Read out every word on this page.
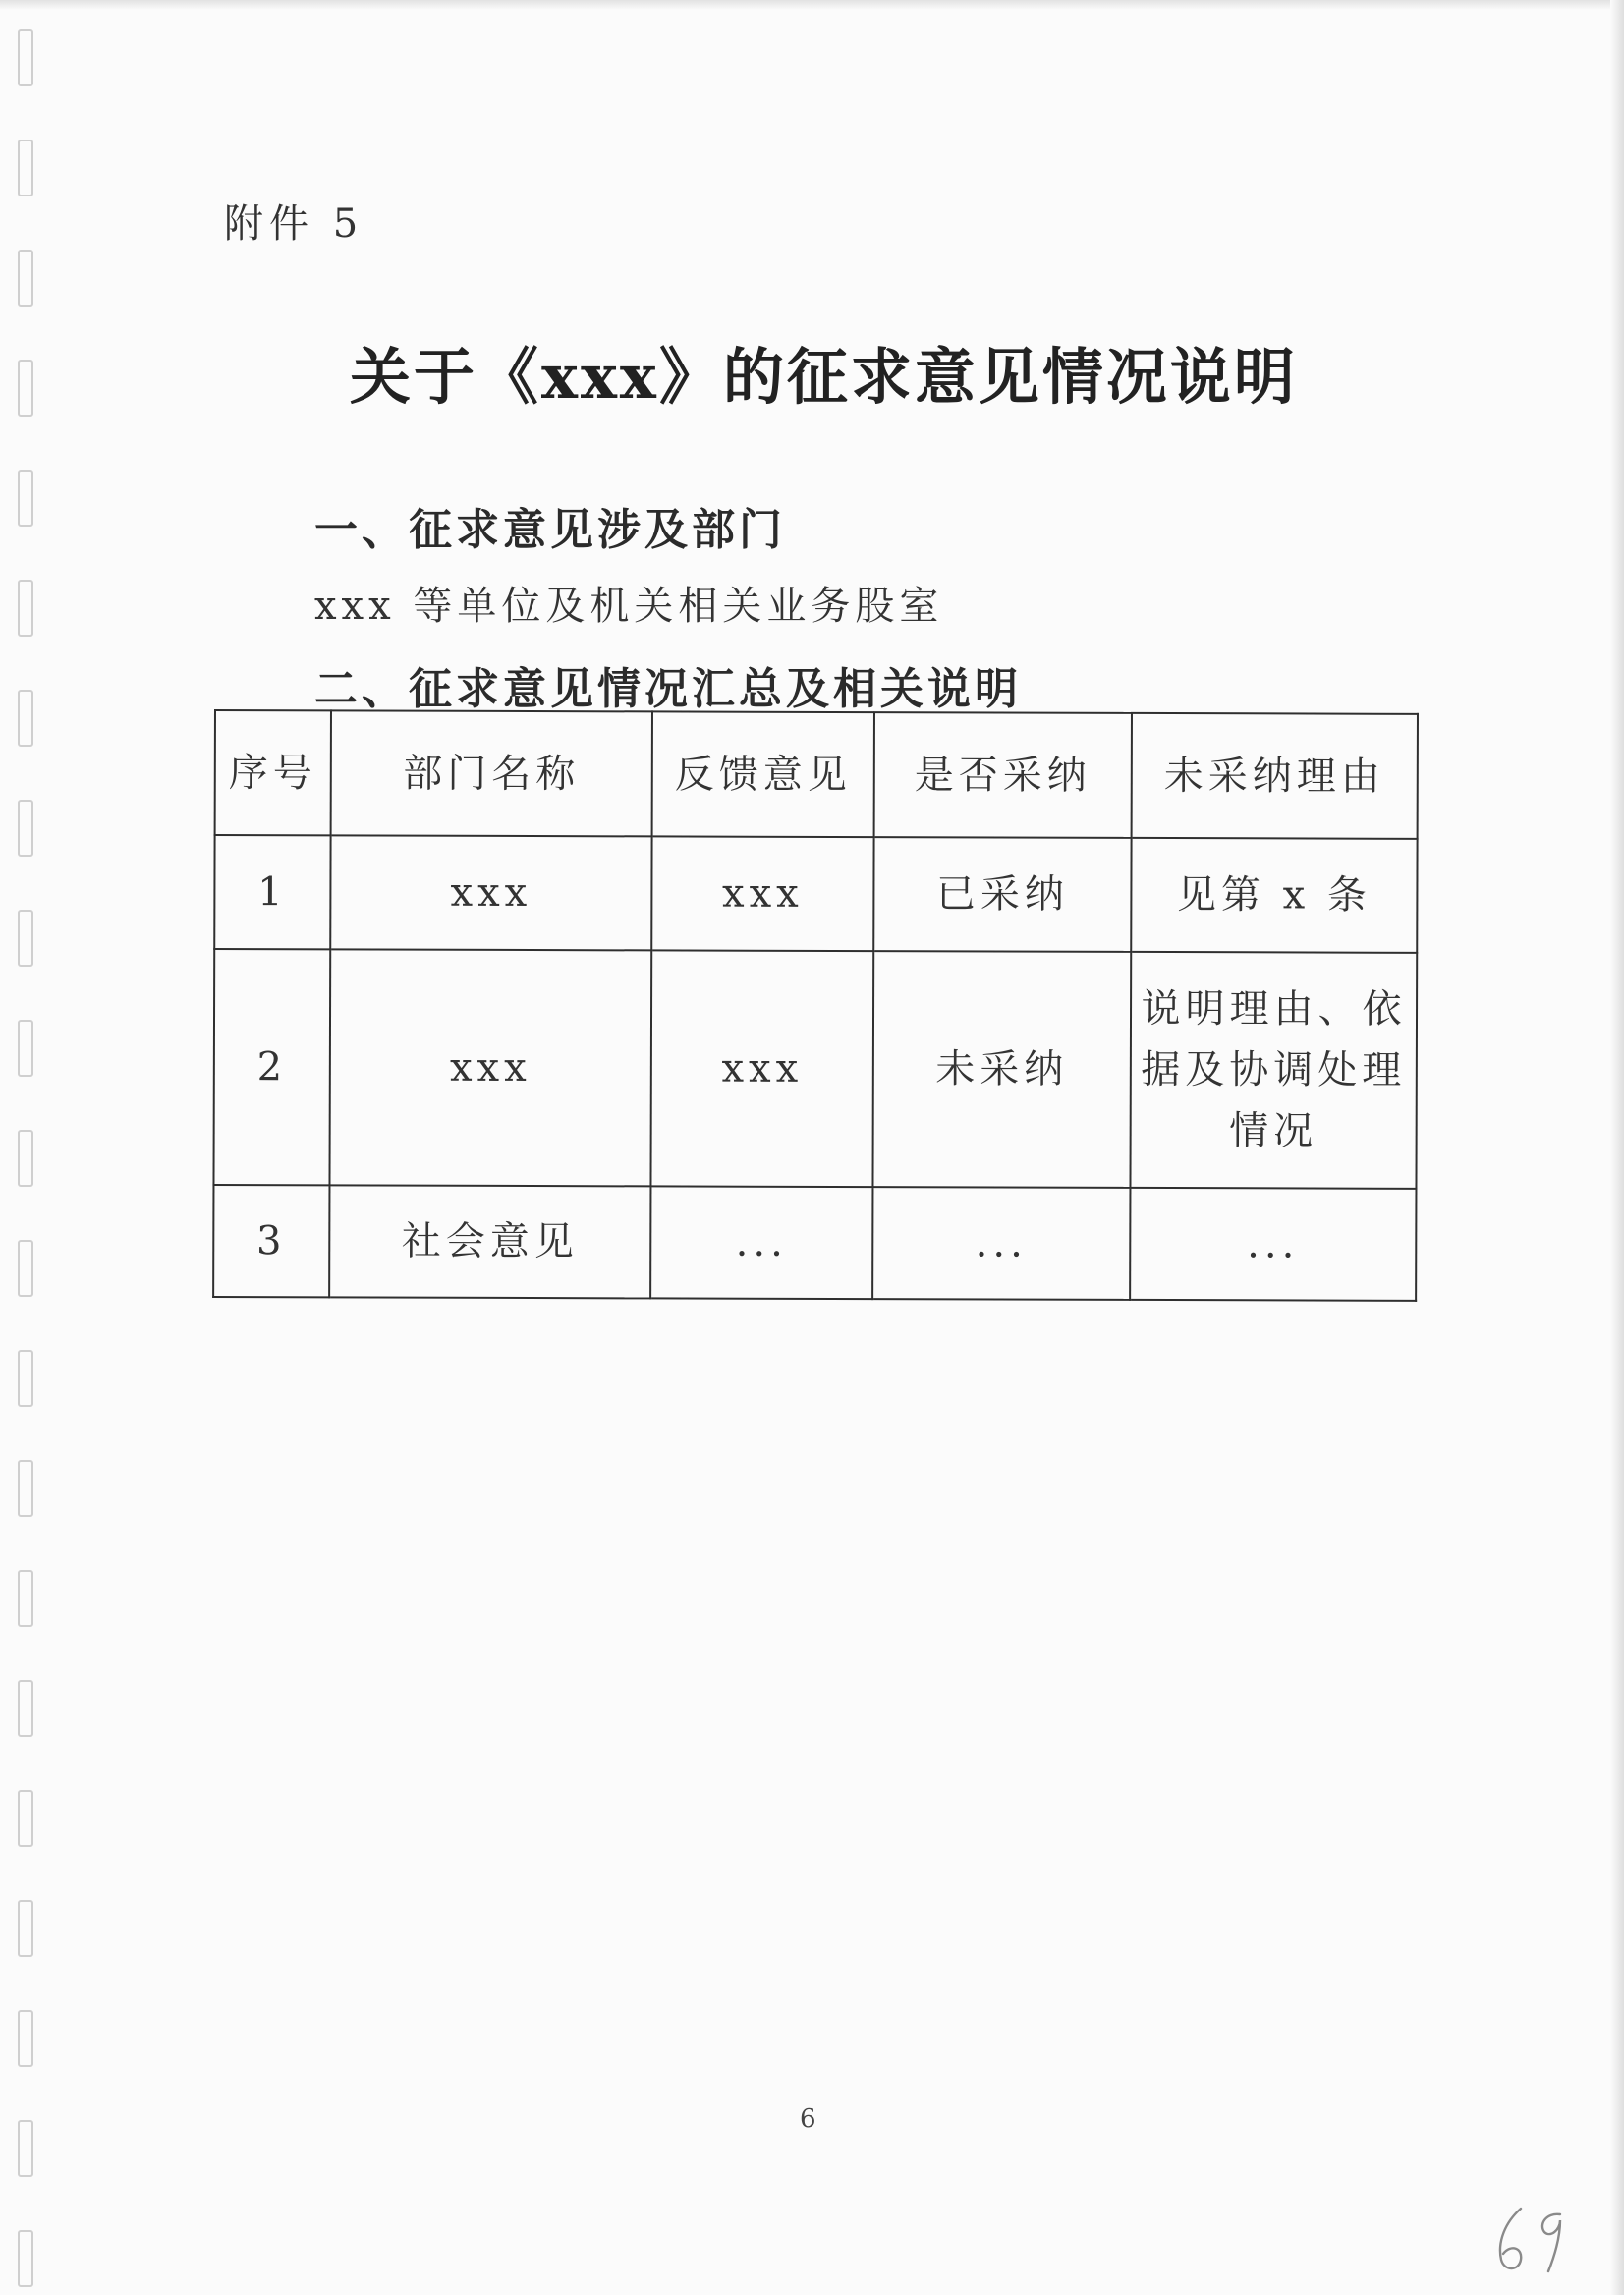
附件 5
关于《xxx》的征求意见情况说明
一、征求意见涉及部门
xxx 等单位及机关相关业务股室
二、征求意见情况汇总及相关说明
序号	部门名称	反馈意见	是否采纳	未采纳理由
1	xxx	xxx	已采纳	见第 x 条
2	xxx	xxx	未采纳	说明理由、依据及协调处理情况
3	社会意见	...	...	...
6
